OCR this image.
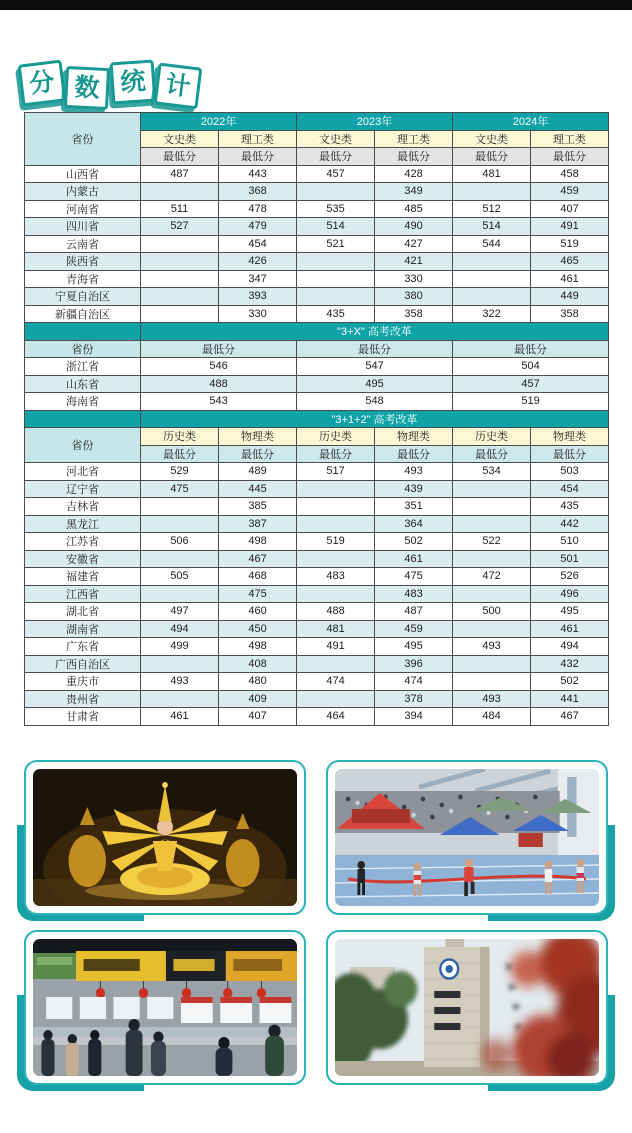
分 数 统 计
省份	2022年		2023年		2024年	
	文史类	理工类	文史类	理工类	文史类	理工类
	最低分	最低分	最低分	最低分	最低分	最低分
山西省	487	443	457	428	481	458
内蒙古		368		349		459
河南省	511	478	535	485	512	407
四川省	527	479	514	490	514	491
云南省		454	521	427	544	519
陕西省		426		421		465
青海省		347		330		461
宁夏自治区		393		380		449
新疆自治区		330	435	358	322	358
	"3+X" 高考改革					
省份	最低分		最低分		最低分	
浙江省	546		547		504	
山东省	488		495		457	
海南省	543		548		519	
	"3+1+2" 高考改革					
省份	历史类	物理类	历史类	物理类	历史类	物理类
	最低分	最低分	最低分	最低分	最低分	最低分
河北省	529	489	517	493	534	503
辽宁省	475	445		439		454
吉林省		385		351		435
黑龙江		387		364		442
江苏省	506	498	519	502	522	510
安徽省		467		461		501
福建省	505	468	483	475	472	526
江西省		475		483		496
湖北省	497	460	488	487	500	495
湖南省	494	450	481	459		461
广东省	499	498	491	495	493	494
广西自治区		408		396		432
重庆市	493	480	474	474		502
贵州省		409		378	493	441
甘肃省	461	407	464	394	484	467
